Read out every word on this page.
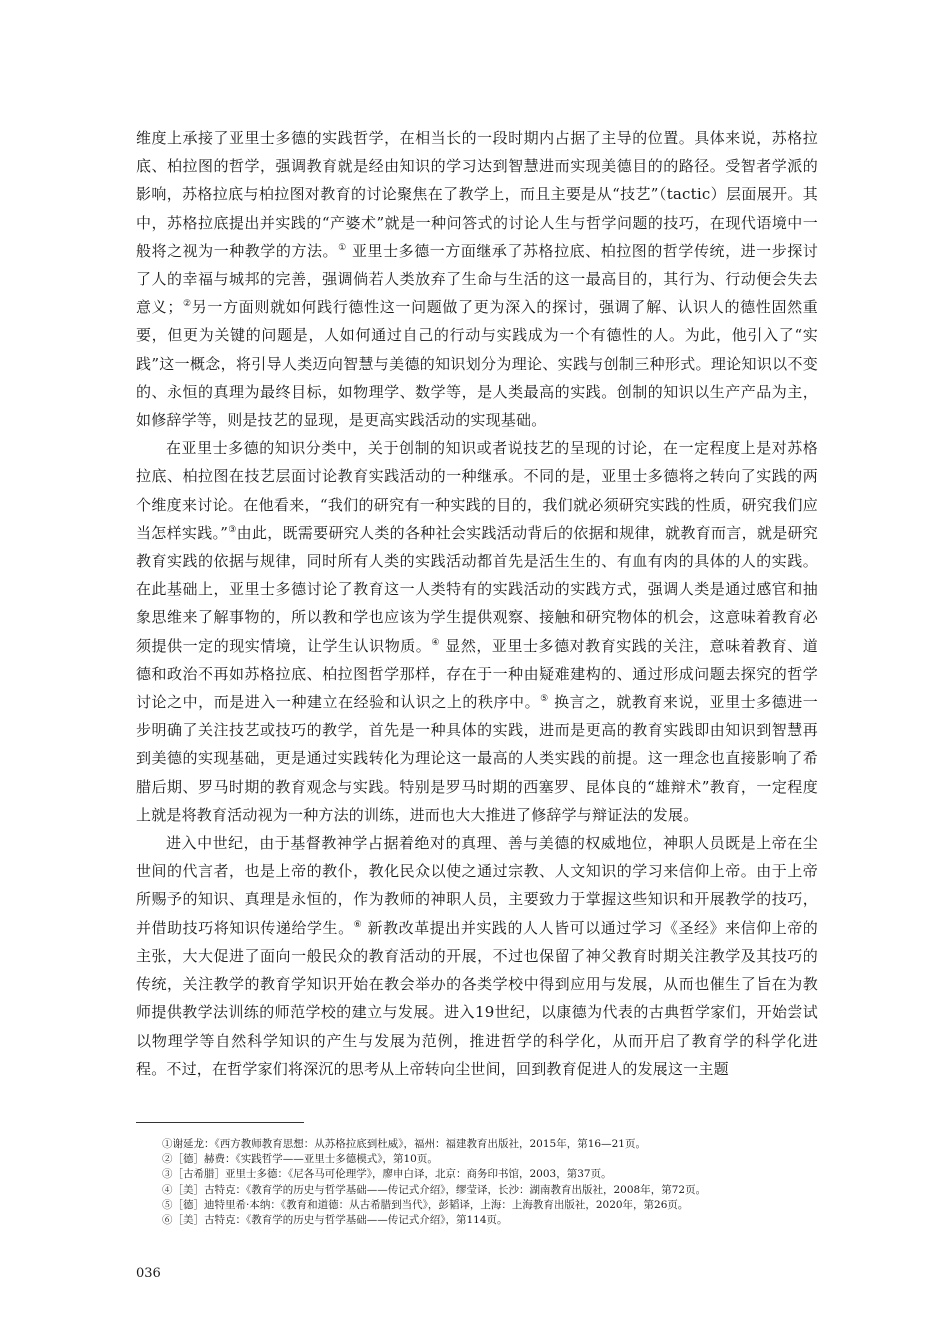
维度上承接了亚里士多德的实践哲学，在相当长的一段时期内占据了主导的位置。具体来说，苏格拉底、柏拉图的哲学，强调教育就是经由知识的学习达到智慧进而实现美德目的的路径。受智者学派的影响，苏格拉底与柏拉图对教育的讨论聚焦在了教学上，而且主要是从“技艺”（tactic）层面展开。其中，苏格拉底提出并实践的“产婆术”就是一种问答式的讨论人生与哲学问题的技巧，在现代语境中一般将之视为一种教学的方法。① 亚里士多德一方面继承了苏格拉底、柏拉图的哲学传统，进一步探讨了人的幸福与城邦的完善，强调倘若人类放弃了生命与生活的这一最高目的，其行为、行动便会失去意义；②另一方面则就如何践行德性这一问题做了更为深入的探讨，强调了解、认识人的德性固然重要，但更为关键的问题是，人如何通过自己的行动与实践成为一个有德性的人。为此，他引入了“实践”这一概念，将引导人类迈向智慧与美德的知识划分为理论、实践与创制三种形式。理论知识以不变的、永恒的真理为最终目标，如物理学、数学等，是人类最高的实践。创制的知识以生产产品为主，如修辞学等，则是技艺的显现，是更高实践活动的实现基础。

在亚里士多德的知识分类中，关于创制的知识或者说技艺的呈现的讨论，在一定程度上是对苏格拉底、柏拉图在技艺层面讨论教育实践活动的一种继承。不同的是，亚里士多德将之转向了实践的两个维度来讨论。在他看来，“我们的研究有一种实践的目的，我们就必须研究实践的性质，研究我们应当怎样实践。”③由此，既需要研究人类的各种社会实践活动背后的依据和规律，就教育而言，就是研究教育实践的依据与规律，同时所有人类的实践活动都首先是活生生的、有血有肉的具体的人的实践。在此基础上，亚里士多德讨论了教育这一人类特有的实践活动的实践方式，强调人类是通过感官和抽象思维来了解事物的，所以教和学也应该为学生提供观察、接触和研究物体的机会，这意味着教育必须提供一定的现实情境，让学生认识物质。④ 显然，亚里士多德对教育实践的关注，意味着教育、道德和政治不再如苏格拉底、柏拉图哲学那样，存在于一种由疑难建构的、通过形成问题去探究的哲学讨论之中，而是进入一种建立在经验和认识之上的秩序中。⑤ 换言之，就教育来说，亚里士多德进一步明确了关注技艺或技巧的教学，首先是一种具体的实践，进而是更高的教育实践即由知识到智慧再到美德的实现基础，更是通过实践转化为理论这一最高的人类实践的前提。这一理念也直接影响了希腊后期、罗马时期的教育观念与实践。特别是罗马时期的西塞罗、昆体良的“雄辩术”教育，一定程度上就是将教育活动视为一种方法的训练，进而也大大推进了修辞学与辩证法的发展。

进入中世纪，由于基督教神学占据着绝对的真理、善与美德的权威地位，神职人员既是上帝在尘世间的代言者，也是上帝的教仆，教化民众以使之通过宗教、人文知识的学习来信仰上帝。由于上帝所赐予的知识、真理是永恒的，作为教师的神职人员，主要致力于掌握这些知识和开展教学的技巧，并借助技巧将知识传递给学生。⑥ 新教改革提出并实践的人人皆可以通过学习《圣经》来信仰上帝的主张，大大促进了面向一般民众的教育活动的开展，不过也保留了神父教育时期关注教学及其技巧的传统，关注教学的教育学知识开始在教会举办的各类学校中得到应用与发展，从而也催生了旨在为教师提供教学法训练的师范学校的建立与发展。进入19世纪，以康德为代表的古典哲学家们，开始尝试以物理学等自然科学知识的产生与发展为范例，推进哲学的科学化，从而开启了教育学的科学化进程。不过，在哲学家们将深沉的思考从上帝转向尘世间，回到教育促进人的发展这一主题

①谢延龙：《西方教师教育思想：从苏格拉底到杜威》，福州：福建教育出版社，2015年，第16—21页。
②［德］赫费：《实践哲学——亚里士多德模式》，第10页。
③［古希腊］亚里士多德：《尼各马可伦理学》，廖申白译，北京：商务印书馆，2003，第37页。
④［美］古特克：《教育学的历史与哲学基础——传记式介绍》，缪莹译，长沙：湖南教育出版社，2008年，第72页。
⑤［德］迪特里希·本纳：《教育和道德：从古希腊到当代》，彭韬译，上海：上海教育出版社，2020年，第26页。
⑥［美］古特克：《教育学的历史与哲学基础——传记式介绍》，第114页。
036
